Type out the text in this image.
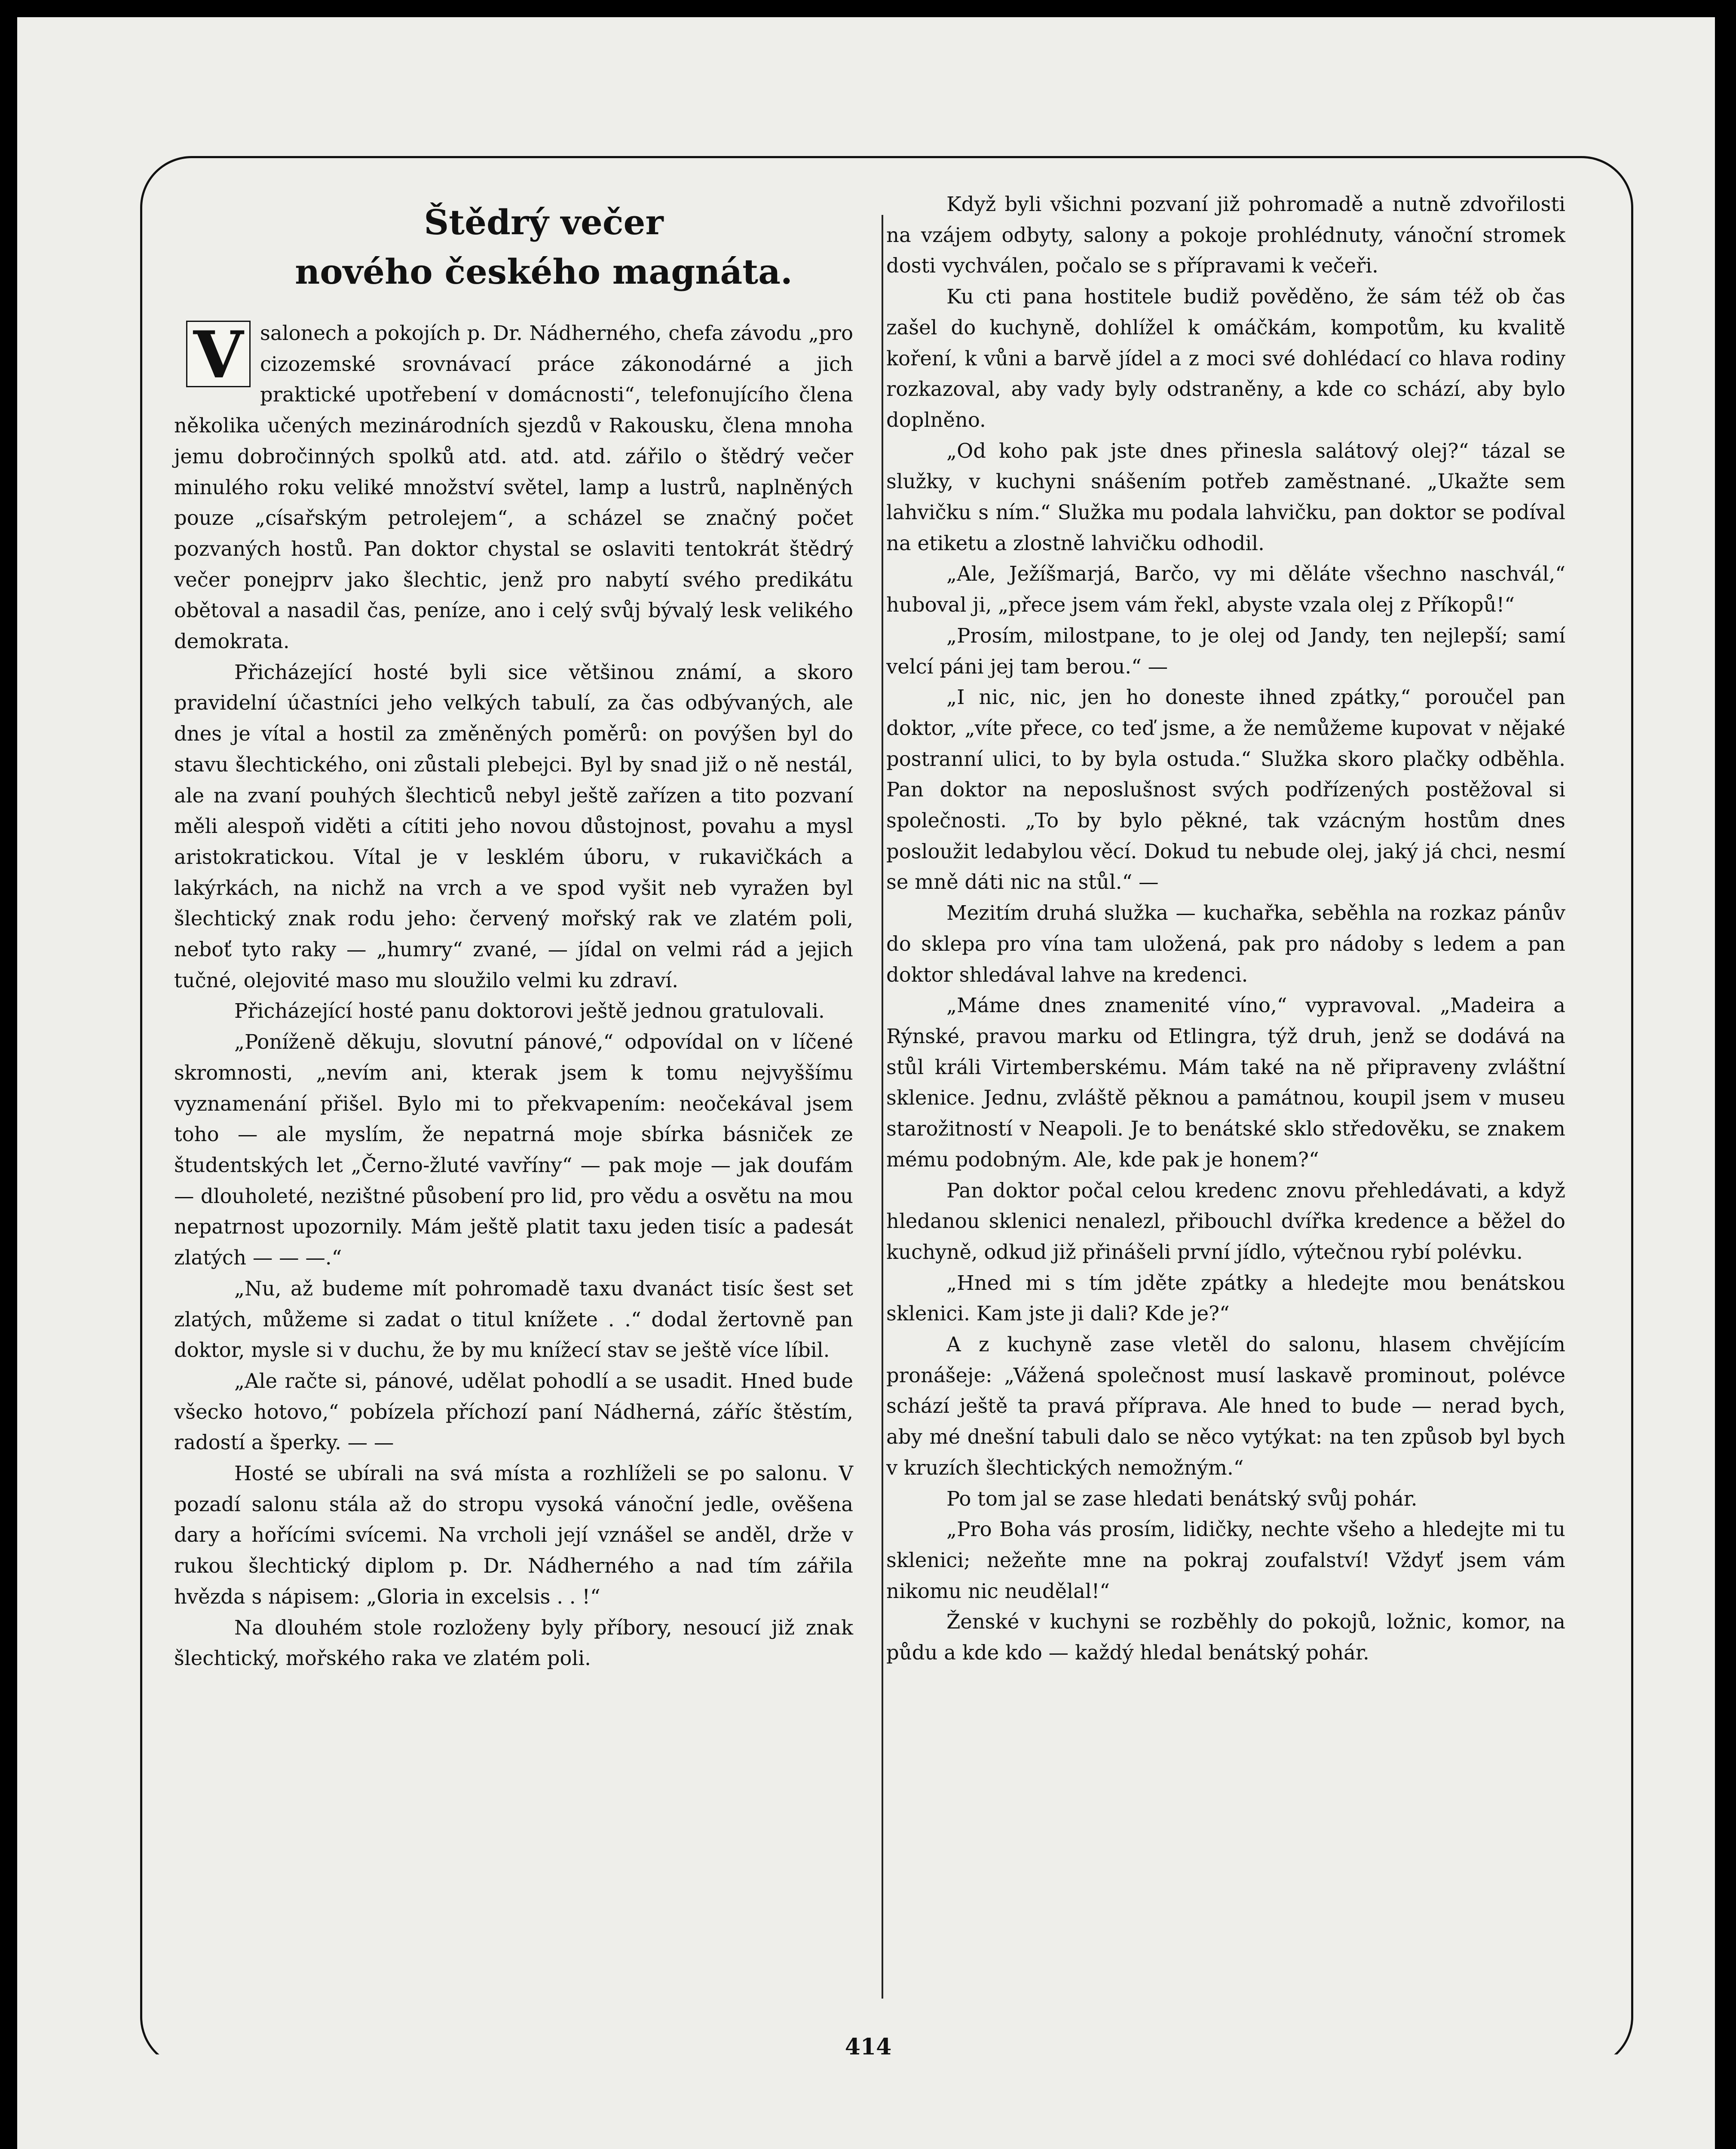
Štědrý večer

nového českého magnáta.

V salonech a pokojích p. Dr. Nádherného, chefa závodu „pro cizozemské srovnávací práce zákonodárné a jich praktické upotřebení v domácnosti“, telefonujícího člena několika učených mezinárodních sjezdů v Rakousku, člena mnoha jemu dobročinných spolků atd. atd. atd. zářilo o štědrý večer minulého roku veliké množství světel, lamp a lustrů, naplněných pouze „císařským petrolejem“, a scházel se značný počet pozvaných hostů. Pan doktor chystal se oslaviti tentokrát štědrý večer ponejprv jako šlechtic, jenž pro nabytí svého predikátu obětoval a nasadil čas, peníze, ano i celý svůj bývalý lesk velikého demokrata.

Přicházející hosté byli sice většinou známí, a skoro pravidelní účastníci jeho velkých tabulí, za čas odbývaných, ale dnes je vítal a hostil za změněných poměrů: on povýšen byl do stavu šlechtického, oni zůstali plebejci. Byl by snad již o ně nestál, ale na zvaní pouhých šlechticů nebyl ještě zařízen a tito pozvaní měli alespoň viděti a cítiti jeho novou důstojnost, povahu a mysl aristokratickou. Vítal je v lesklém úboru, v rukavičkách a lakýrkách, na nichž na vrch a ve spod vyšit neb vyražen byl šlechtický znak rodu jeho: červený mořský rak ve zlatém poli, neboť tyto raky — „humry“ zvané, — jídal on velmi rád a jejich tučné, olejovité maso mu sloužilo velmi ku zdraví.

Přicházející hosté panu doktorovi ještě jednou gratulovali.

„Poníženě děkuju, slovutní pánové,“ odpovídal on v líčené skromnosti, „nevím ani, kterak jsem k tomu nejvyššímu vyznamenání přišel. Bylo mi to překvapením: neočekával jsem toho — ale myslím, že nepatrná moje sbírka básniček ze študentských let „Černo-žluté vavříny“ — pak moje — jak doufám — dlouholeté, nezištné působení pro lid, pro vědu a osvětu na mou nepatrnost upozornily. Mám ještě platit taxu jeden tisíc a padesát zlatých — — —.“

„Nu, až budeme mít pohromadě taxu dvanáct tisíc šest set zlatých, můžeme si zadat o titul knížete . .“ dodal žertovně pan doktor, mysle si v duchu, že by mu knížecí stav se ještě více líbil.

„Ale račte si, pánové, udělat pohodlí a se usadit. Hned bude všecko hotovo,“ pobízela příchozí paní Nádherná, záříc štěstím, radostí a šperky. — —

Hosté se ubírali na svá místa a rozhlíželi se po salonu. V pozadí salonu stála až do stropu vysoká vánoční jedle, ověšena dary a hořícími svícemi. Na vrcholi její vznášel se anděl, drže v rukou šlechtický diplom p. Dr. Nádherného a nad tím zářila hvězda s nápisem: „Gloria in excelsis . . !“

Na dlouhém stole rozloženy byly příbory, nesoucí již znak šlechtický, mořského raka ve zlatém poli.

Když byli všichni pozvaní již pohromadě a nutně zdvořilosti na vzájem odbyty, salony a pokoje prohlédnuty, vánoční stromek dosti vychválen, počalo se s přípravami k večeři.

Ku cti pana hostitele budiž pověděno, že sám též ob čas zašel do kuchyně, dohlížel k omáčkám, kompotům, ku kvalitě koření, k vůni a barvě jídel a z moci své dohlédací co hlava rodiny rozkazoval, aby vady byly odstraněny, a kde co schází, aby bylo doplněno.

„Od koho pak jste dnes přinesla salátový olej?“ tázal se služky, v kuchyni snášením potřeb zaměstnané. „Ukažte sem lahvičku s ním.“ Služka mu podala lahvičku, pan doktor se podíval na etiketu a zlostně lahvičku odhodil.

„Ale, Ježíšmarjá, Barčo, vy mi děláte všechno naschvál,“ huboval ji, „přece jsem vám řekl, abyste vzala olej z Příkopů!“

„Prosím, milostpane, to je olej od Jandy, ten nejlepší; samí velcí páni jej tam berou.“ —

„I nic, nic, jen ho doneste ihned zpátky,“ poroučel pan doktor, „víte přece, co teď jsme, a že nemůžeme kupovat v nějaké postranní ulici, to by byla ostuda.“ Služka skoro plačky odběhla. Pan doktor na neposlušnost svých podřízených postěžoval si společnosti. „To by bylo pěkné, tak vzácným hostům dnes posloužit ledabylou věcí. Dokud tu nebude olej, jaký já chci, nesmí se mně dáti nic na stůl.“ —

Mezitím druhá služka — kuchařka, seběhla na rozkaz pánův do sklepa pro vína tam uložená, pak pro nádoby s ledem a pan doktor shledával lahve na kredenci.

„Máme dnes znamenité víno,“ vypravoval. „Madeira a Rýnské, pravou marku od Etlingra, týž druh, jenž se dodává na stůl králi Virtemberskému. Mám také na ně připraveny zvláštní sklenice. Jednu, zvláště pěknou a památnou, koupil jsem v museu starožitností v Neapoli. Je to benátské sklo středověku, se znakem mému podobným. Ale, kde pak je honem?“

Pan doktor počal celou kredenc znovu přehledávati, a když hledanou sklenici nenalezl, přibouchl dvířka kredence a běžel do kuchyně, odkud již přinášeli první jídlo, výtečnou rybí polévku.

„Hned mi s tím jděte zpátky a hledejte mou benátskou sklenici. Kam jste ji dali? Kde je?“

A z kuchyně zase vletěl do salonu, hlasem chvějícím pronášeje: „Vážená společnost musí laskavě prominout, polévce schází ještě ta pravá příprava. Ale hned to bude — nerad bych, aby mé dnešní tabuli dalo se něco vytýkat: na ten způsob byl bych v kruzích šlechtických nemožným.“

Po tom jal se zase hledati benátský svůj pohár.

„Pro Boha vás prosím, lidičky, nechte všeho a hledejte mi tu sklenici; nežeňte mne na pokraj zoufalství! Vždyť jsem vám nikomu nic neudělal!“

Ženské v kuchyni se rozběhly do pokojů, ložnic, komor, na půdu a kde kdo — každý hledal benátský pohár.

414
